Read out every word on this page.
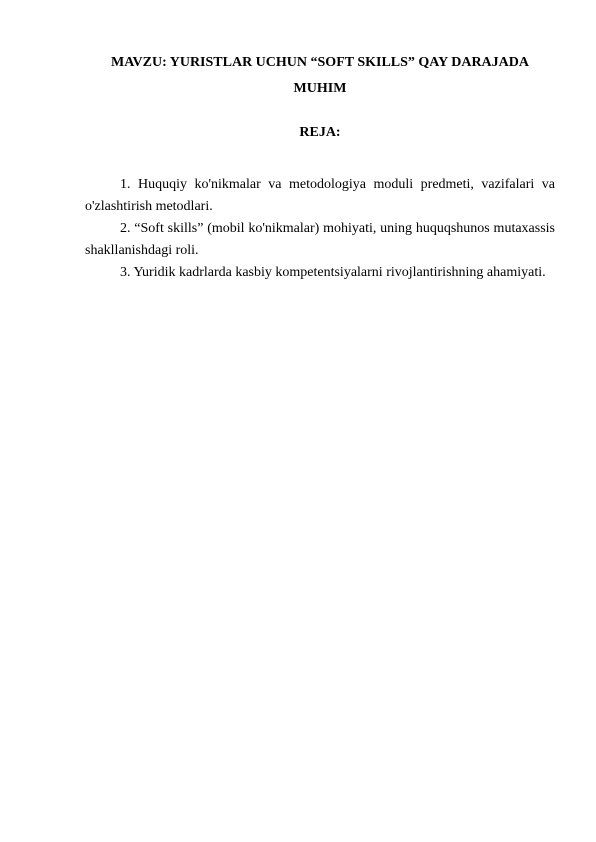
MAVZU: YURISTLAR UCHUN “SOFT SKILLS” QAY DARAJADA

MUHIM

REJA:

1. Huquqiy ko'nikmalar va metodologiya moduli predmeti, vazifalari va o'zlashtirish metodlari.

2. “Soft skills” (mobil ko'nikmalar) mohiyati, uning huquqshunos mutaxassis shakllanishdagi roli.

3. Yuridik kadrlarda kasbiy kompetentsiyalarni rivojlantirishning ahamiyati.
